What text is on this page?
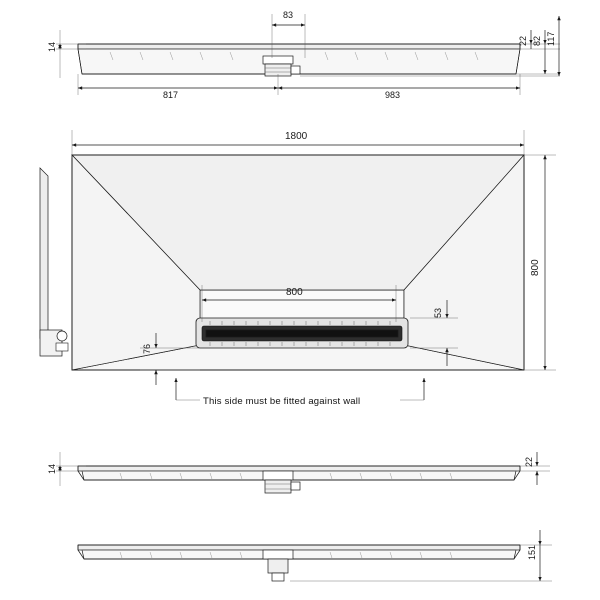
14
83
22 82 117
817	983
1800
800
800
53
76
This side must be fitted against wall
14
22
151
